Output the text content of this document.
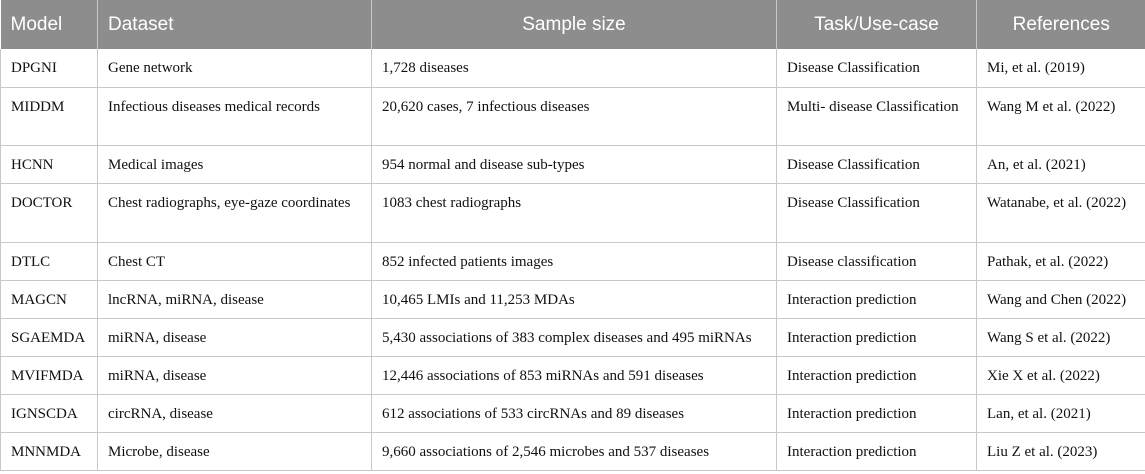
Model	Dataset	Sample size	Task/Use-case	References
DPGNI	Gene network	1,728 diseases	Disease Classification	Mi, et al. (2019)
MIDDM	Infectious diseases medical records	20,620 cases, 7 infectious diseases	Multi- disease Classification	Wang M et al. (2022)
HCNN	Medical images	954 normal and disease sub-types	Disease Classification	An, et al. (2021)
DOCTOR	Chest radiographs, eye-gaze coordinates	1083 chest radiographs	Disease Classification	Watanabe, et al. (2022)
DTLC	Chest CT	852 infected patients images	Disease classification	Pathak, et al. (2022)
MAGCN	lncRNA, miRNA, disease	10,465 LMIs and 11,253 MDAs	Interaction prediction	Wang and Chen (2022)
SGAEMDA	miRNA, disease	5,430 associations of 383 complex diseases and 495 miRNAs	Interaction prediction	Wang S et al. (2022)
MVIFMDA	miRNA, disease	12,446 associations of 853 miRNAs and 591 diseases	Interaction prediction	Xie X et al. (2022)
IGNSCDA	circRNA, disease	612 associations of 533 circRNAs and 89 diseases	Interaction prediction	Lan, et al. (2021)
MNNMDA	Microbe, disease	9,660 associations of 2,546 microbes and 537 diseases	Interaction prediction	Liu Z et al. (2023)
